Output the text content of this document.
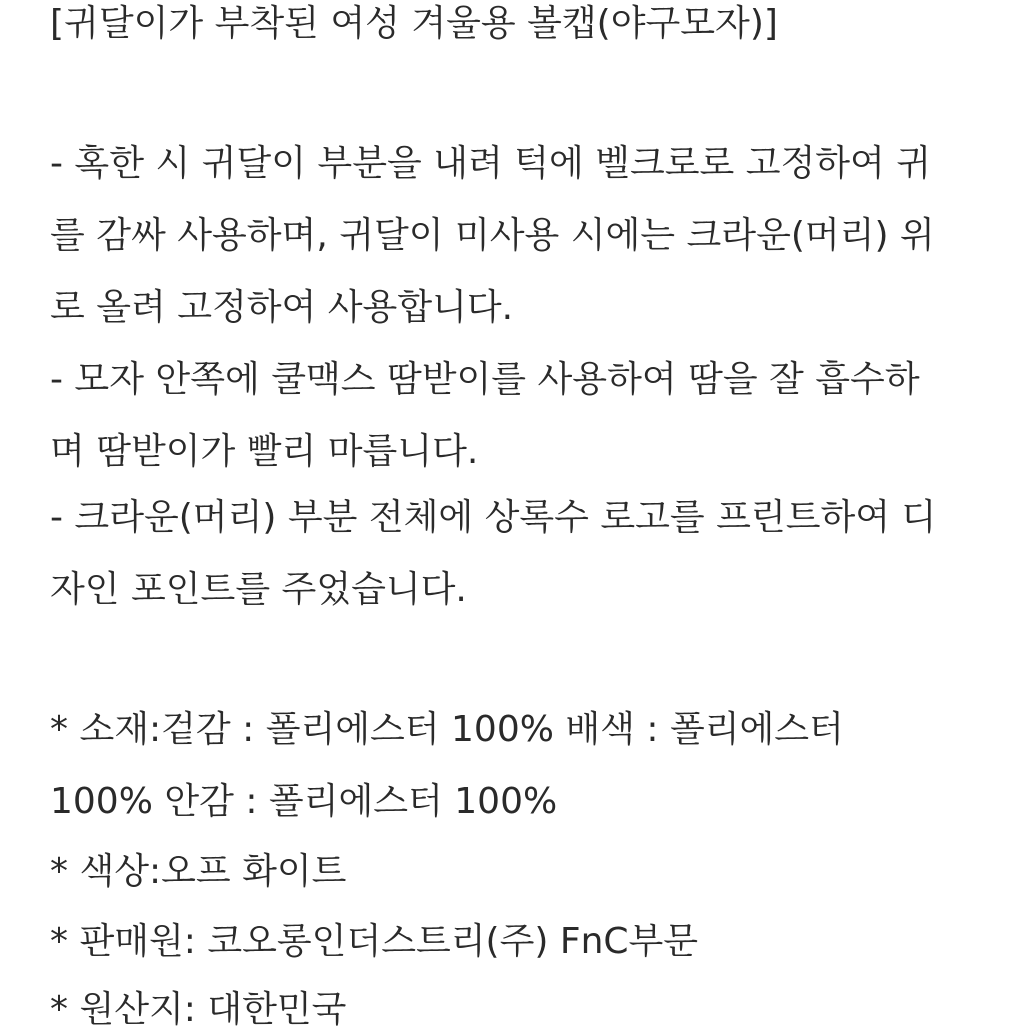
[귀달이가 부착된 여성 겨울용 볼캡(야구모자)]
- 혹한 시 귀달이 부분을 내려 턱에 벨크로로 고정하여 귀
를 감싸 사용하며, 귀달이 미사용 시에는 크라운(머리) 위
로 올려 고정하여 사용합니다.
- 모자 안쪽에 쿨맥스 땀받이를 사용하여 땀을 잘 흡수하
며 땀받이가 빨리 마릅니다.
- 크라운(머리) 부분 전체에 상록수 로고를 프린트하여 디
자인 포인트를 주었습니다.
* 소재:겉감 : 폴리에스터 100% 배색 : 폴리에스터
100% 안감 : 폴리에스터 100%
* 색상:오프 화이트
* 판매원: 코오롱인더스트리(주) FnC부문
* 원산지: 대한민국
